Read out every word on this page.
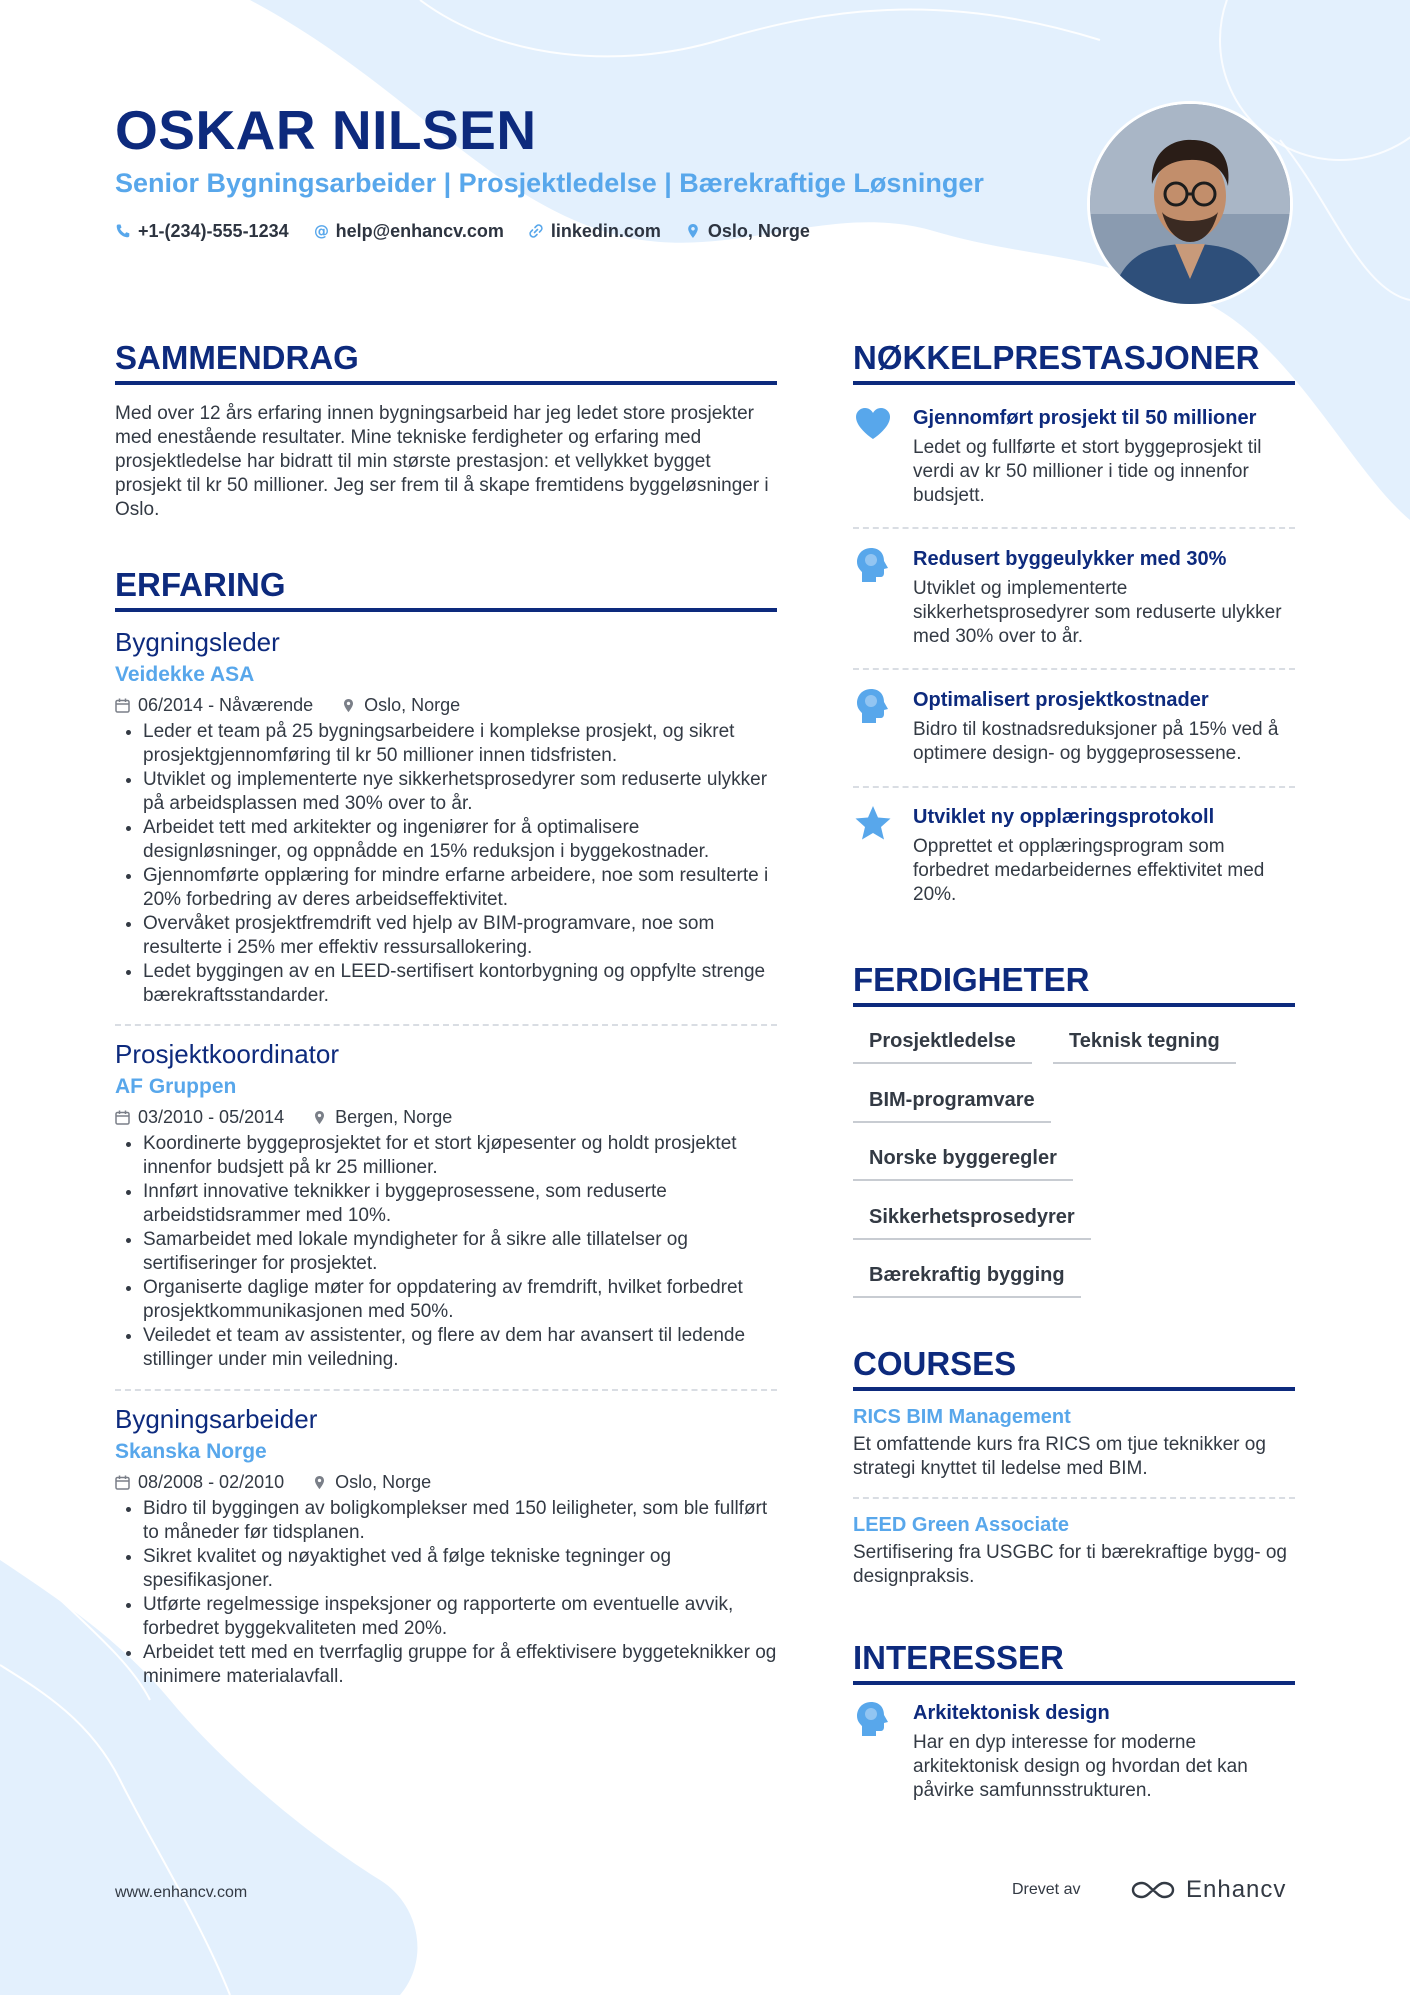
OSKAR NILSEN

Senior Bygningsarbeider | Prosjektledelse | Bærekraftige Løsninger

+1-(234)-555-1234 @ help@enhancv.com	linkedin.com	Oslo, Norge
SAMMENDRAG

Med over 12 års erfaring innen bygningsarbeid har jeg ledet store prosjekter med enestående resultater. Mine tekniske ferdigheter og erfaring med prosjektledelse har bidratt til min største prestasjon: et vellykket bygget prosjekt til kr 50 millioner. Jeg ser frem til å skape fremtidens byggeløsninger i Oslo.

ERFARING
Bygningsleder

Veidekke ASA

06/2014 - Nåværende	Oslo, Norge
• Leder et team på 25 bygningsarbeidere i komplekse prosjekt, og sikret prosjektgjennomføring til kr 50 millioner innen tidsfristen.
• Utviklet og implementerte nye sikkerhetsprosedyrer som reduserte ulykker på arbeidsplassen med 30% over to år.
• Arbeidet tett med arkitekter og ingeniører for å optimalisere designløsninger, og oppnådde en 15% reduksjon i byggekostnader.
• Gjennomførte opplæring for mindre erfarne arbeidere, noe som resulterte i 20% forbedring av deres arbeidseffektivitet.
• Overvåket prosjektfremdrift ved hjelp av BIM-programvare, noe som resulterte i 25% mer effektiv ressursallokering.
• Ledet byggingen av en LEED-sertifisert kontorbygning og oppfylte strenge bærekraftsstandarder.
Prosjektkoordinator

AF Gruppen

03/2010 - 05/2014	Bergen, Norge
• Koordinerte byggeprosjektet for et stort kjøpesenter og holdt prosjektet innenfor budsjett på kr 25 millioner.
• Innført innovative teknikker i byggeprosessene, som reduserte arbeidstidsrammer med 10%.
• Samarbeidet med lokale myndigheter for å sikre alle tillatelser og sertifiseringer for prosjektet.
• Organiserte daglige møter for oppdatering av fremdrift, hvilket forbedret prosjektkommunikasjonen med 50%.
• Veiledet et team av assistenter, og flere av dem har avansert til ledende stillinger under min veiledning.
Bygningsarbeider

Skanska Norge

08/2008 - 02/2010	Oslo, Norge
• Bidro til byggingen av boligkomplekser med 150 leiligheter, som ble fullført to måneder før tidsplanen.
• Sikret kvalitet og nøyaktighet ved å følge tekniske tegninger og spesifikasjoner.
• Utførte regelmessige inspeksjoner og rapporterte om eventuelle avvik, forbedret byggekvaliteten med 20%.
• Arbeidet tett med en tverrfaglig gruppe for å effektivisere byggeteknikker og minimere materialavfall.
NØKKELPRESTASJONER

Gjennomført prosjekt til 50 millioner

Ledet og fullførte et stort byggeprosjekt til verdi av kr 50 millioner i tide og innenfor budsjett.

Redusert byggeulykker med 30%

Utviklet og implementerte sikkerhetsprosedyrer som reduserte ulykker med 30% over to år.

Optimalisert prosjektkostnader

Bidro til kostnadsreduksjoner på 15% ved å optimere design- og byggeprosessene.

Utviklet ny opplæringsprotokoll

Opprettet et opplæringsprogram som forbedret medarbeidernes effektivitet med 20%.

FERDIGHETER
Prosjektledelse	Teknisk tegning
BIM-programvare
Norske byggeregler
Sikkerhetsprosedyrer
Bærekraftig bygging
COURSES

RICS BIM Management

Et omfattende kurs fra RICS om tjue teknikker og strategi knyttet til ledelse med BIM.

LEED Green Associate

Sertifisering fra USGBC for ti bærekraftige bygg- og designpraksis.

INTERESSER

Arkitektonisk design

Har en dyp interesse for moderne arkitektonisk design og hvordan det kan påvirke samfunnsstrukturen.

www.enhancv.com	Drevet av	Enhancv
